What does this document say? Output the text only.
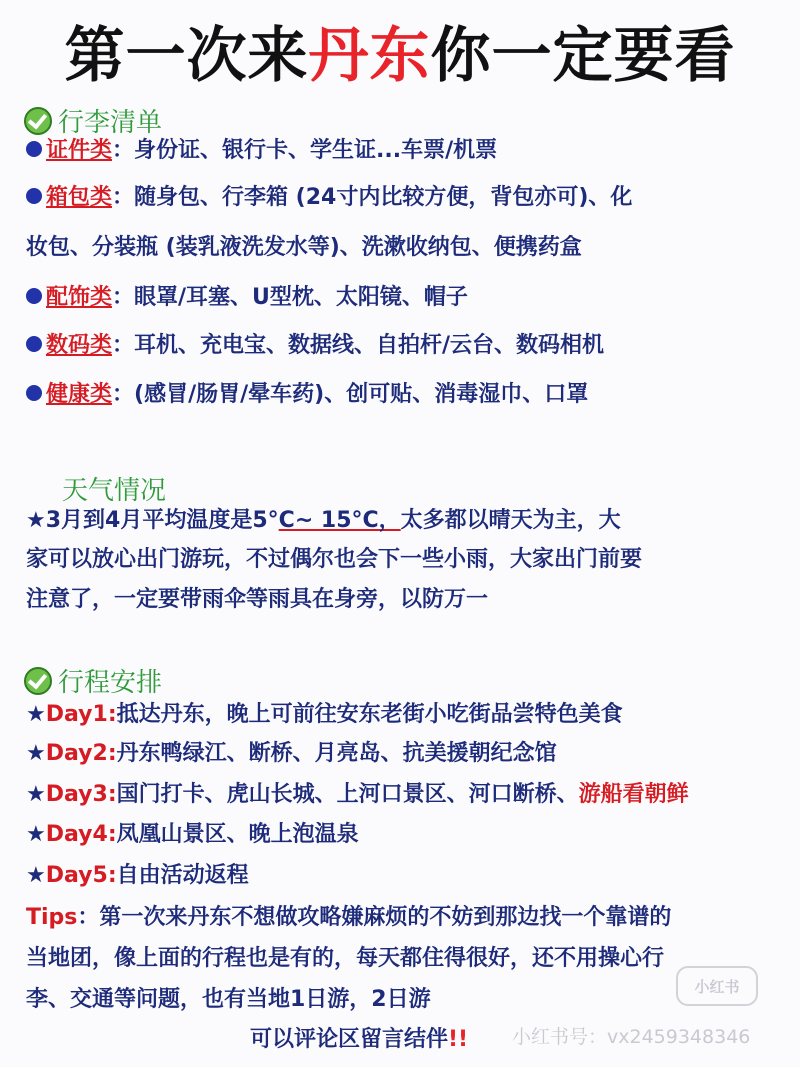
第一次来丹东你一定要看
行李清单
证件类：身份证、银行卡、学生证...车票/机票
箱包类：随身包、行李箱 (24寸内比较方便，背包亦可)、化
妆包、分装瓶 (装乳液洗发水等)、洗漱收纳包、便携药盒
配饰类：眼罩/耳塞、U型枕、太阳镜、帽子
数码类：耳机、充电宝、数据线、自拍杆/云台、数码相机
健康类：(感冒/肠胃/晕车药)、创可贴、消毒湿巾、口罩
天气情况
★3月到4月平均温度是5°C~ 15°C，太多都以晴天为主，大
家可以放心出门游玩，不过偶尔也会下一些小雨，大家出门前要
注意了，一定要带雨伞等雨具在身旁，以防万一
行程安排
★Day1:抵达丹东，晚上可前往安东老街小吃街品尝特色美食
★Day2:丹东鸭绿江、断桥、月亮岛、抗美援朝纪念馆
★Day3:国门打卡、虎山长城、上河口景区、河口断桥、游船看朝鲜
★Day4:凤凰山景区、晚上泡温泉
★Day5:自由活动返程
Tips：第一次来丹东不想做攻略嫌麻烦的不妨到那边找一个靠谱的
当地团，像上面的行程也是有的，每天都住得很好，还不用操心行
李、交通等问题，也有当地1日游，2日游
小红书
小红书号：vx2459348346
可以评论区留言结伴!!
